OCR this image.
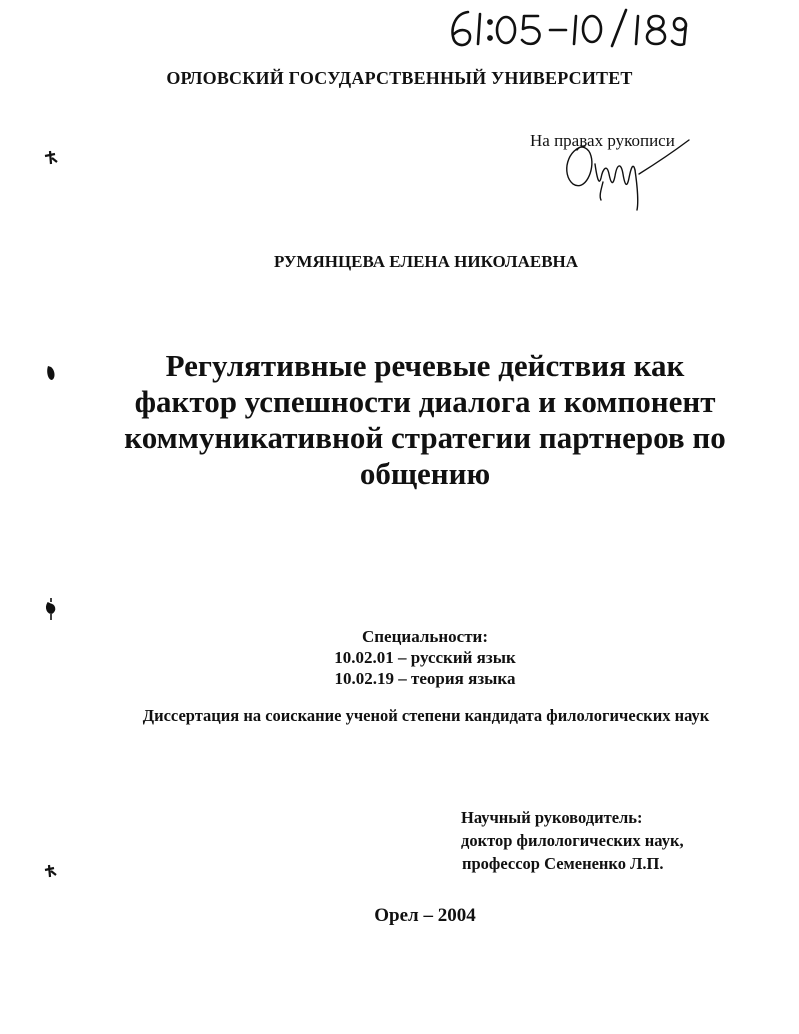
ОРЛОВСКИЙ ГОСУДАРСТВЕННЫЙ УНИВЕРСИТЕТ
На правах рукописи
РУМЯНЦЕВА ЕЛЕНА НИКОЛАЕВНА
Регулятивные речевые действия как
фактор успешности диалога и компонент
коммуникативной стратегии партнеров по
общению
Специальности:
10.02.01 – русский язык
10.02.19 – теория языка
Диссертация на соискание ученой степени кандидата филологических наук
Научный руководитель:
доктор филологических наук,
профессор Семененко Л.П.
Орел – 2004
